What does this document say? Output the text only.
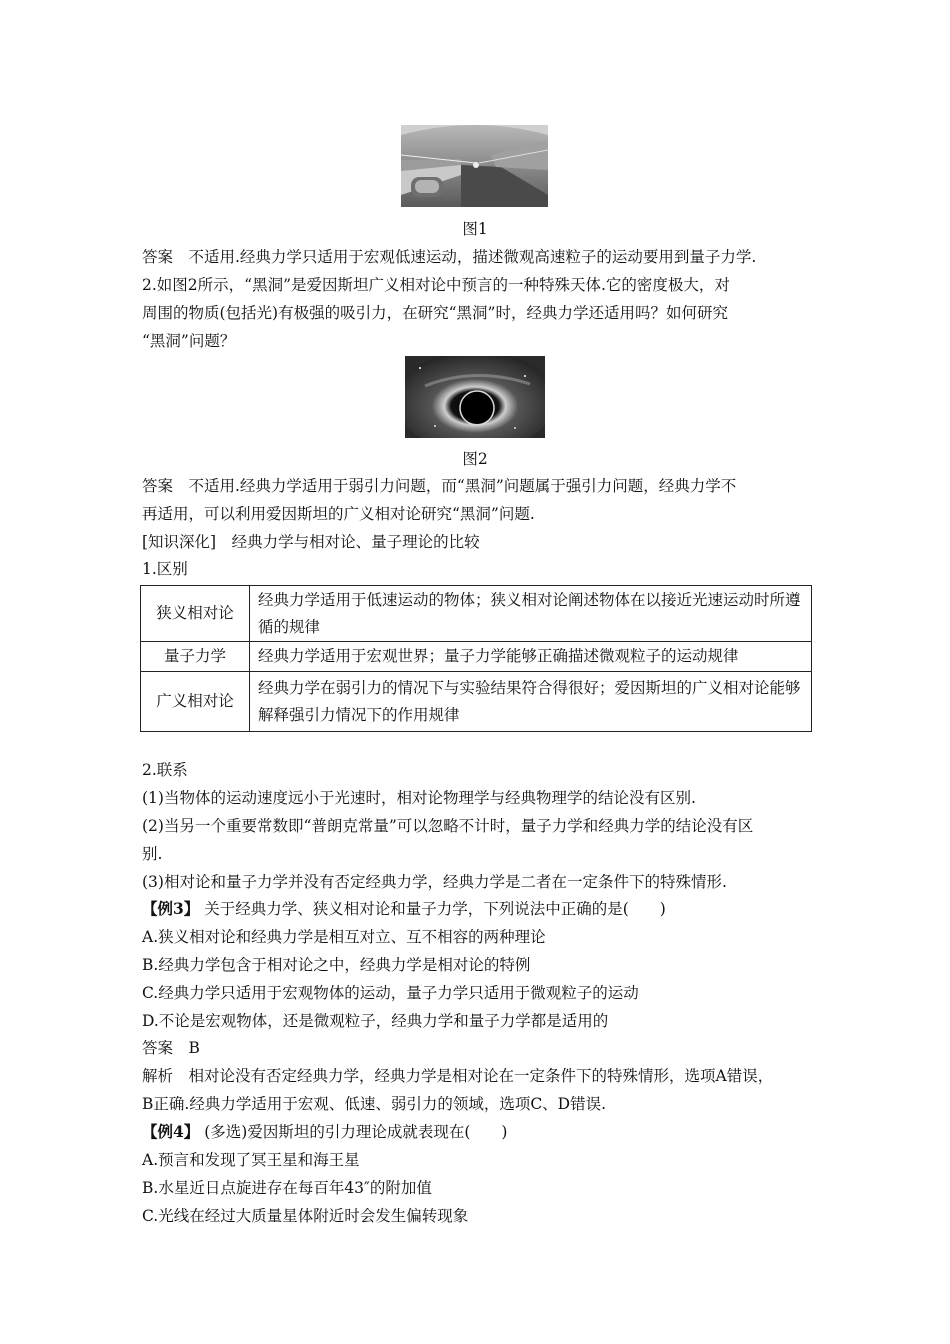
图1
答案　不适用.经典力学只适用于宏观低速运动，描述微观高速粒子的运动要用到量子力学.
2.如图2所示，“黑洞”是爱因斯坦广义相对论中预言的一种特殊天体.它的密度极大，对
周围的物质(包括光)有极强的吸引力，在研究“黑洞”时，经典力学还适用吗？如何研究
“黑洞”问题？
图2
答案　不适用.经典力学适用于弱引力问题，而“黑洞”问题属于强引力问题，经典力学不
再适用，可以利用爱因斯坦的广义相对论研究“黑洞”问题.
[知识深化]　经典力学与相对论、量子理论的比较
1.区别
狭义相对论	经典力学适用于低速运动的物体；狭义相对论阐述物体在以接近光速运动时所遵循的规律
量子力学	经典力学适用于宏观世界；量子力学能够正确描述微观粒子的运动规律
广义相对论	经典力学在弱引力的情况下与实验结果符合得很好；爱因斯坦的广义相对论能够解释强引力情况下的作用规律
2.联系
(1)当物体的运动速度远小于光速时，相对论物理学与经典物理学的结论没有区别.
(2)当另一个重要常数即“普朗克常量”可以忽略不计时，量子力学和经典力学的结论没有区
别.
(3)相对论和量子力学并没有否定经典力学，经典力学是二者在一定条件下的特殊情形.
【例3】 关于经典力学、狭义相对论和量子力学，下列说法中正确的是(　　)
A.狭义相对论和经典力学是相互对立、互不相容的两种理论
B.经典力学包含于相对论之中，经典力学是相对论的特例
C.经典力学只适用于宏观物体的运动，量子力学只适用于微观粒子的运动
D.不论是宏观物体，还是微观粒子，经典力学和量子力学都是适用的
答案　B
解析　相对论没有否定经典力学，经典力学是相对论在一定条件下的特殊情形，选项A错误，
B正确.经典力学适用于宏观、低速、弱引力的领域，选项C、D错误.
【例4】 (多选)爱因斯坦的引力理论成就表现在(　　)
A.预言和发现了冥王星和海王星
B.水星近日点旋进存在每百年43″的附加值
C.光线在经过大质量星体附近时会发生偏转现象
